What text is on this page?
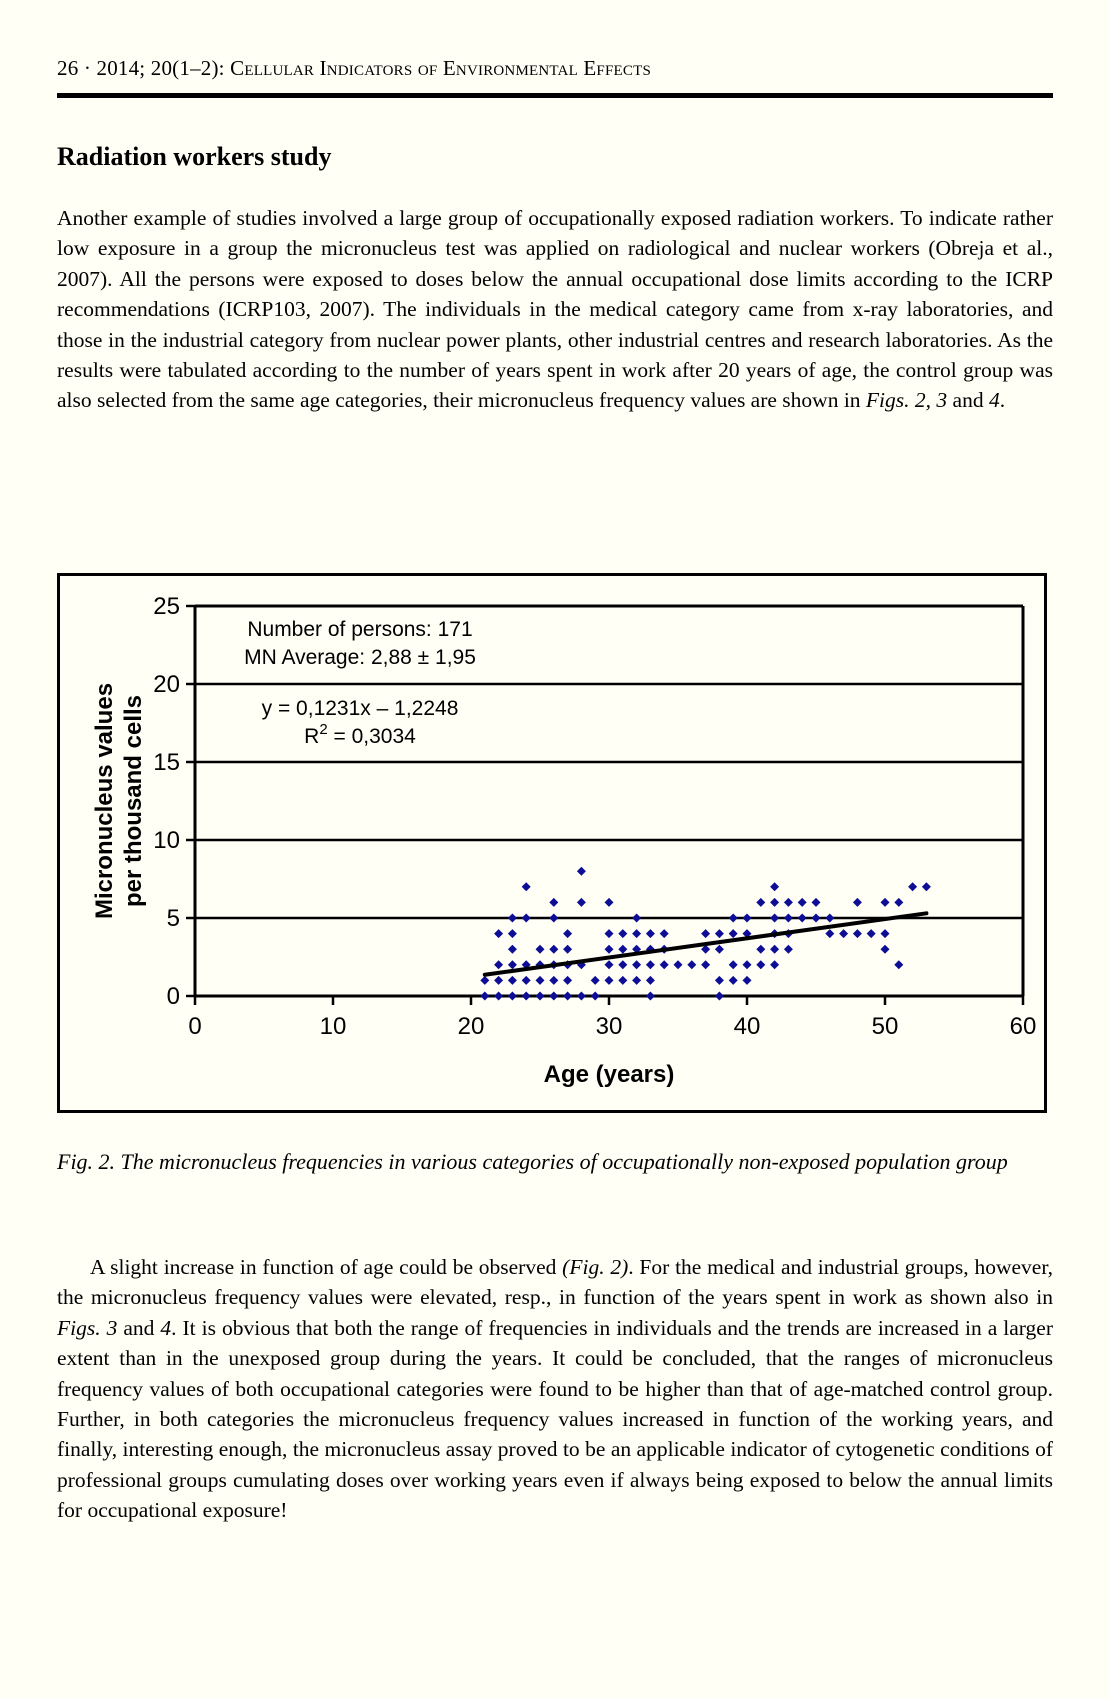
26 · 2014; 20(1–2): Cellular Indicators of Environmental Effects
Radiation workers study

Another example of studies involved a large group of occupationally exposed radiation workers. To indicate rather low exposure in a group the micronucleus test was applied on radiological and nuclear workers (Obreja et al., 2007). All the persons were exposed to doses below the annual occupational dose limits according to the ICRP recommendations (ICRP103, 2007). The individuals in the medical category came from x-ray laboratories, and those in the industrial category from nuclear power plants, other industrial centres and research laboratories. As the results were tabulated according to the number of years spent in work after 20 years of age, the control group was also selected from the same age categories, their micronucleus frequency values are shown in Figs. 2, 3 and 4.

0
5
10
15
20
25
0	10	20	30	40	50	60
Age (years)
Micronucleus valuesper thousand cells
Number of persons: 171
MN Average: 2,88 ± 1,95
y = 0,1231x – 1,2248
$R^2 = 0,3034$

Fig. 2. The micronucleus frequencies in various categories of occupationally non-exposed population group

A slight increase in function of age could be observed (Fig. 2). For the medical and industrial groups, however, the micronucleus frequency values were elevated, resp., in function of the years spent in work as shown also in Figs. 3 and 4. It is obvious that both the range of frequencies in individuals and the trends are increased in a larger extent than in the unexposed group during the years. It could be concluded, that the ranges of micronucleus frequency values of both occupational categories were found to be higher than that of age-matched control group. Further, in both categories the micronucleus frequency values increased in function of the working years, and finally, interesting enough, the micronucleus assay proved to be an applicable indicator of cytogenetic conditions of professional groups cumulating doses over working years even if always being exposed to below the annual limits for occupational exposure!
